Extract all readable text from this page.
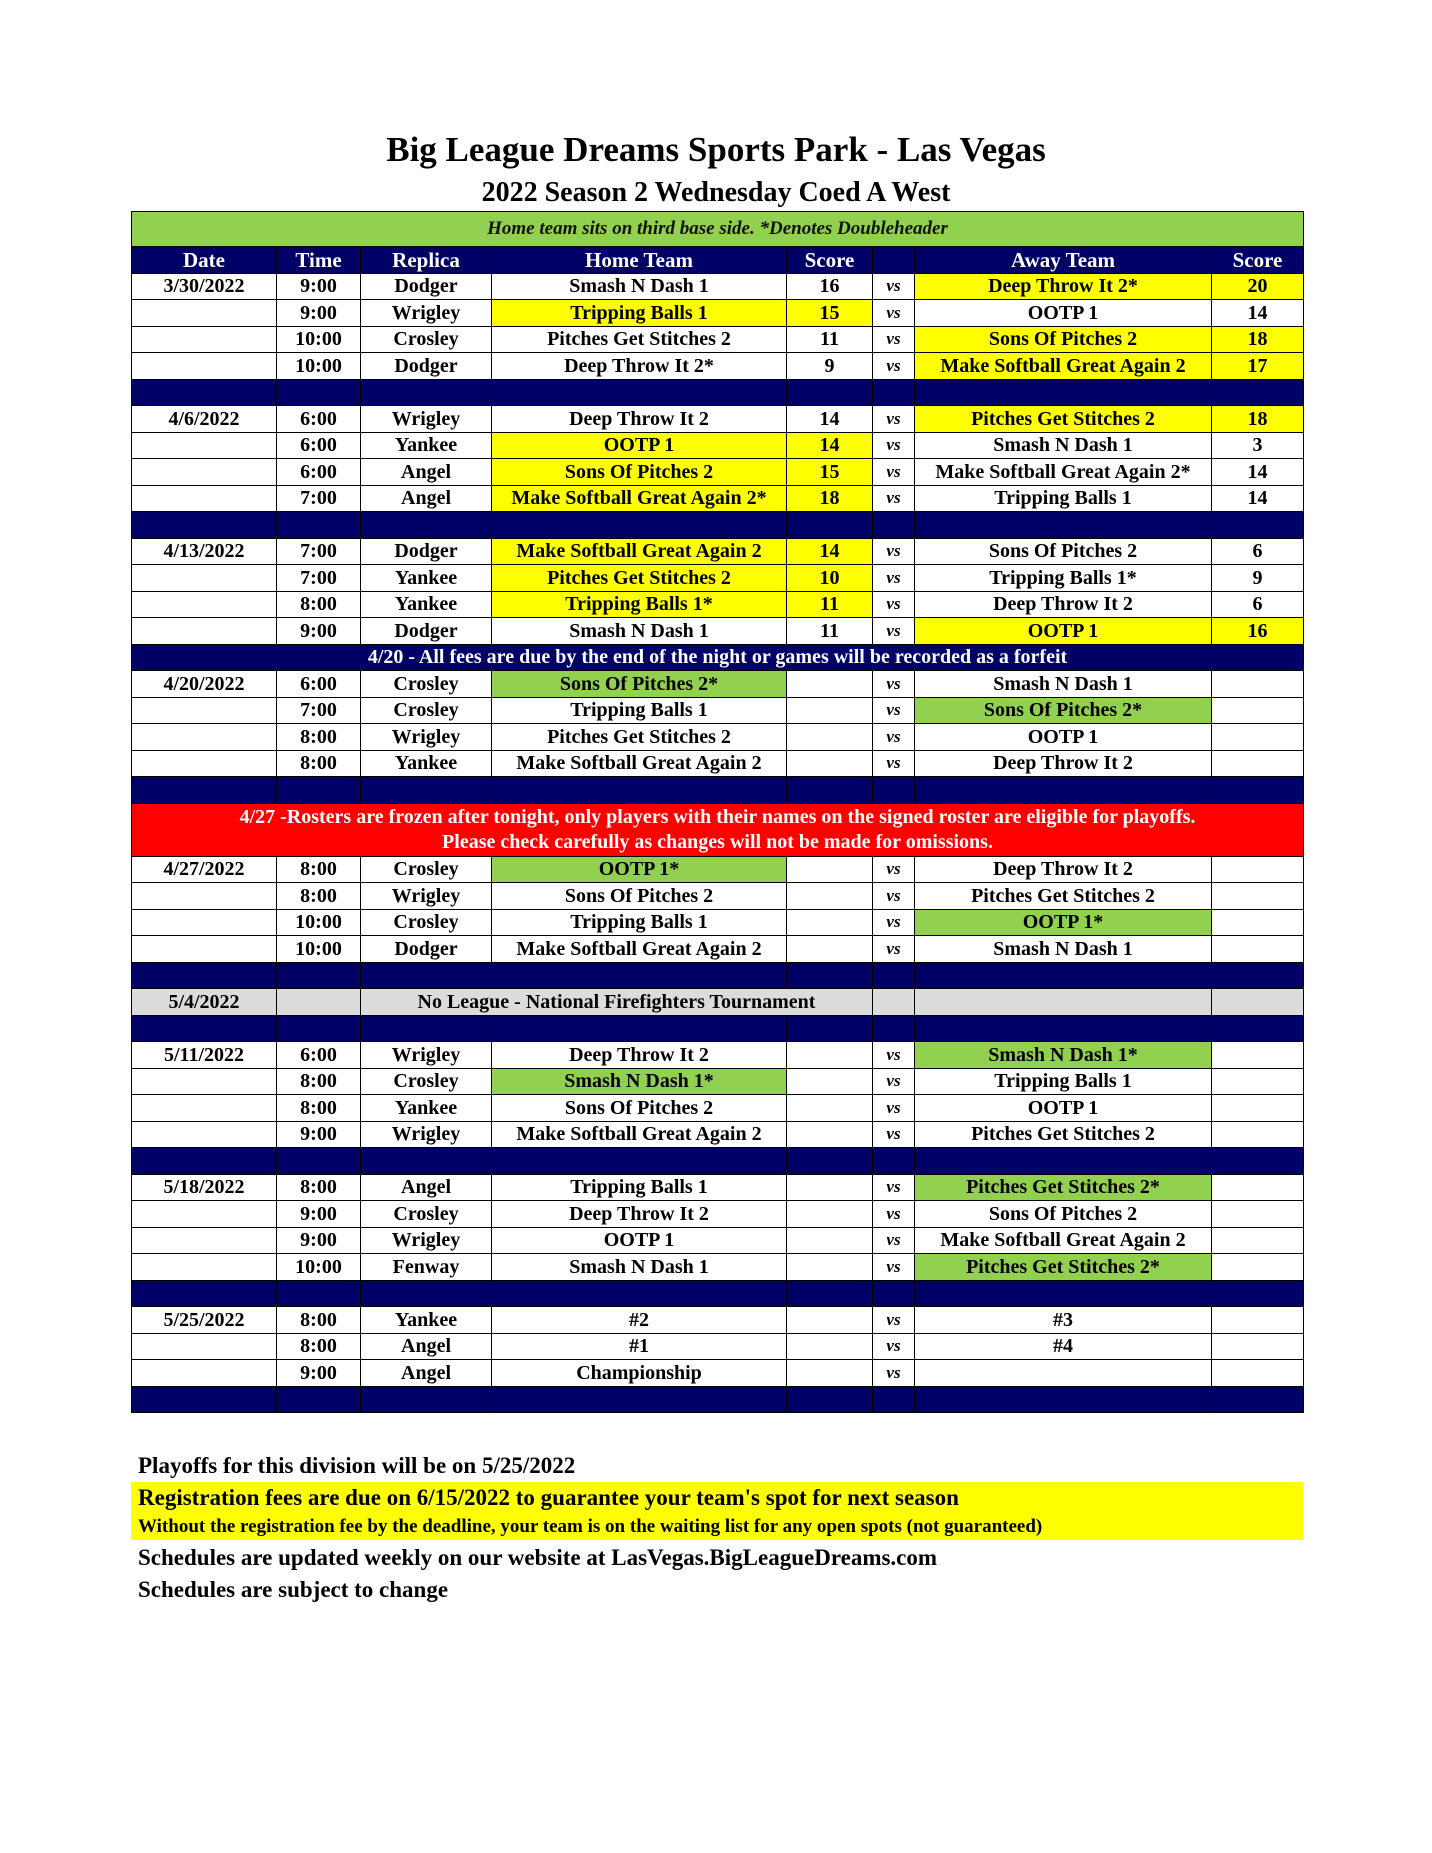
Big League Dreams Sports Park - Las Vegas
2022 Season 2 Wednesday Coed A West
Home team sits on third base side. *Denotes Doubleheader							
Date	Time	Replica	Home Team	Score		Away Team	Score
3/30/2022	9:00	Dodger	Smash N Dash 1	16	vs	Deep Throw It 2*	20
	9:00	Wrigley	Tripping Balls 1	15	vs	OOTP 1	14
	10:00	Crosley	Pitches Get Stitches 2	11	vs	Sons Of Pitches 2	18
	10:00	Dodger	Deep Throw It 2*	9	vs	Make Softball Great Again 2	17

4/6/2022	6:00	Wrigley	Deep Throw It 2	14	vs	Pitches Get Stitches 2	18
	6:00	Yankee	OOTP 1	14	vs	Smash N Dash 1	3
	6:00	Angel	Sons Of Pitches 2	15	vs	Make Softball Great Again 2*	14
	7:00	Angel	Make Softball Great Again 2*	18	vs	Tripping Balls 1	14

4/13/2022	7:00	Dodger	Make Softball Great Again 2	14	vs	Sons Of Pitches 2	6
	7:00	Yankee	Pitches Get Stitches 2	10	vs	Tripping Balls 1*	9
	8:00	Yankee	Tripping Balls 1*	11	vs	Deep Throw It 2	6
	9:00	Dodger	Smash N Dash 1	11	vs	OOTP 1	16
4/20 - All fees are due by the end of the night or games will be recorded as a forfeit							
4/20/2022	6:00	Crosley	Sons Of Pitches 2*		vs	Smash N Dash 1	
	7:00	Crosley	Tripping Balls 1		vs	Sons Of Pitches 2*	
	8:00	Wrigley	Pitches Get Stitches 2		vs	OOTP 1	
	8:00	Yankee	Make Softball Great Again 2		vs	Deep Throw It 2	

4/27 -Rosters are frozen after tonight, only players with their names on the signed roster are eligible for playoffs.
Please check carefully as changes will not be made for omissions.							

4/27/2022	8:00	Crosley	OOTP 1*		vs	Deep Throw It 2	
	8:00	Wrigley	Sons Of Pitches 2		vs	Pitches Get Stitches 2	
	10:00	Crosley	Tripping Balls 1		vs	OOTP 1*	
	10:00	Dodger	Make Softball Great Again 2		vs	Smash N Dash 1	

5/4/2022		No League - National Firefighters Tournament					

5/11/2022	6:00	Wrigley	Deep Throw It 2		vs	Smash N Dash 1*	
	8:00	Crosley	Smash N Dash 1*		vs	Tripping Balls 1	
	8:00	Yankee	Sons Of Pitches 2		vs	OOTP 1	
	9:00	Wrigley	Make Softball Great Again 2		vs	Pitches Get Stitches 2	

5/18/2022	8:00	Angel	Tripping Balls 1		vs	Pitches Get Stitches 2*	
	9:00	Crosley	Deep Throw It 2		vs	Sons Of Pitches 2	
	9:00	Wrigley	OOTP 1		vs	Make Softball Great Again 2	
	10:00	Fenway	Smash N Dash 1		vs	Pitches Get Stitches 2*	

5/25/2022	8:00	Yankee	#2		vs	#3	
	8:00	Angel	#1		vs	#4	
	9:00	Angel	Championship		vs		

Playoffs for this division will be on 5/25/2022
Registration fees are due on 6/15/2022 to guarantee your team's spot for next season
Without the registration fee by the deadline, your team is on the waiting list for any open spots (not guaranteed)
Schedules are updated weekly on our website at LasVegas.BigLeagueDreams.com
Schedules are subject to change
